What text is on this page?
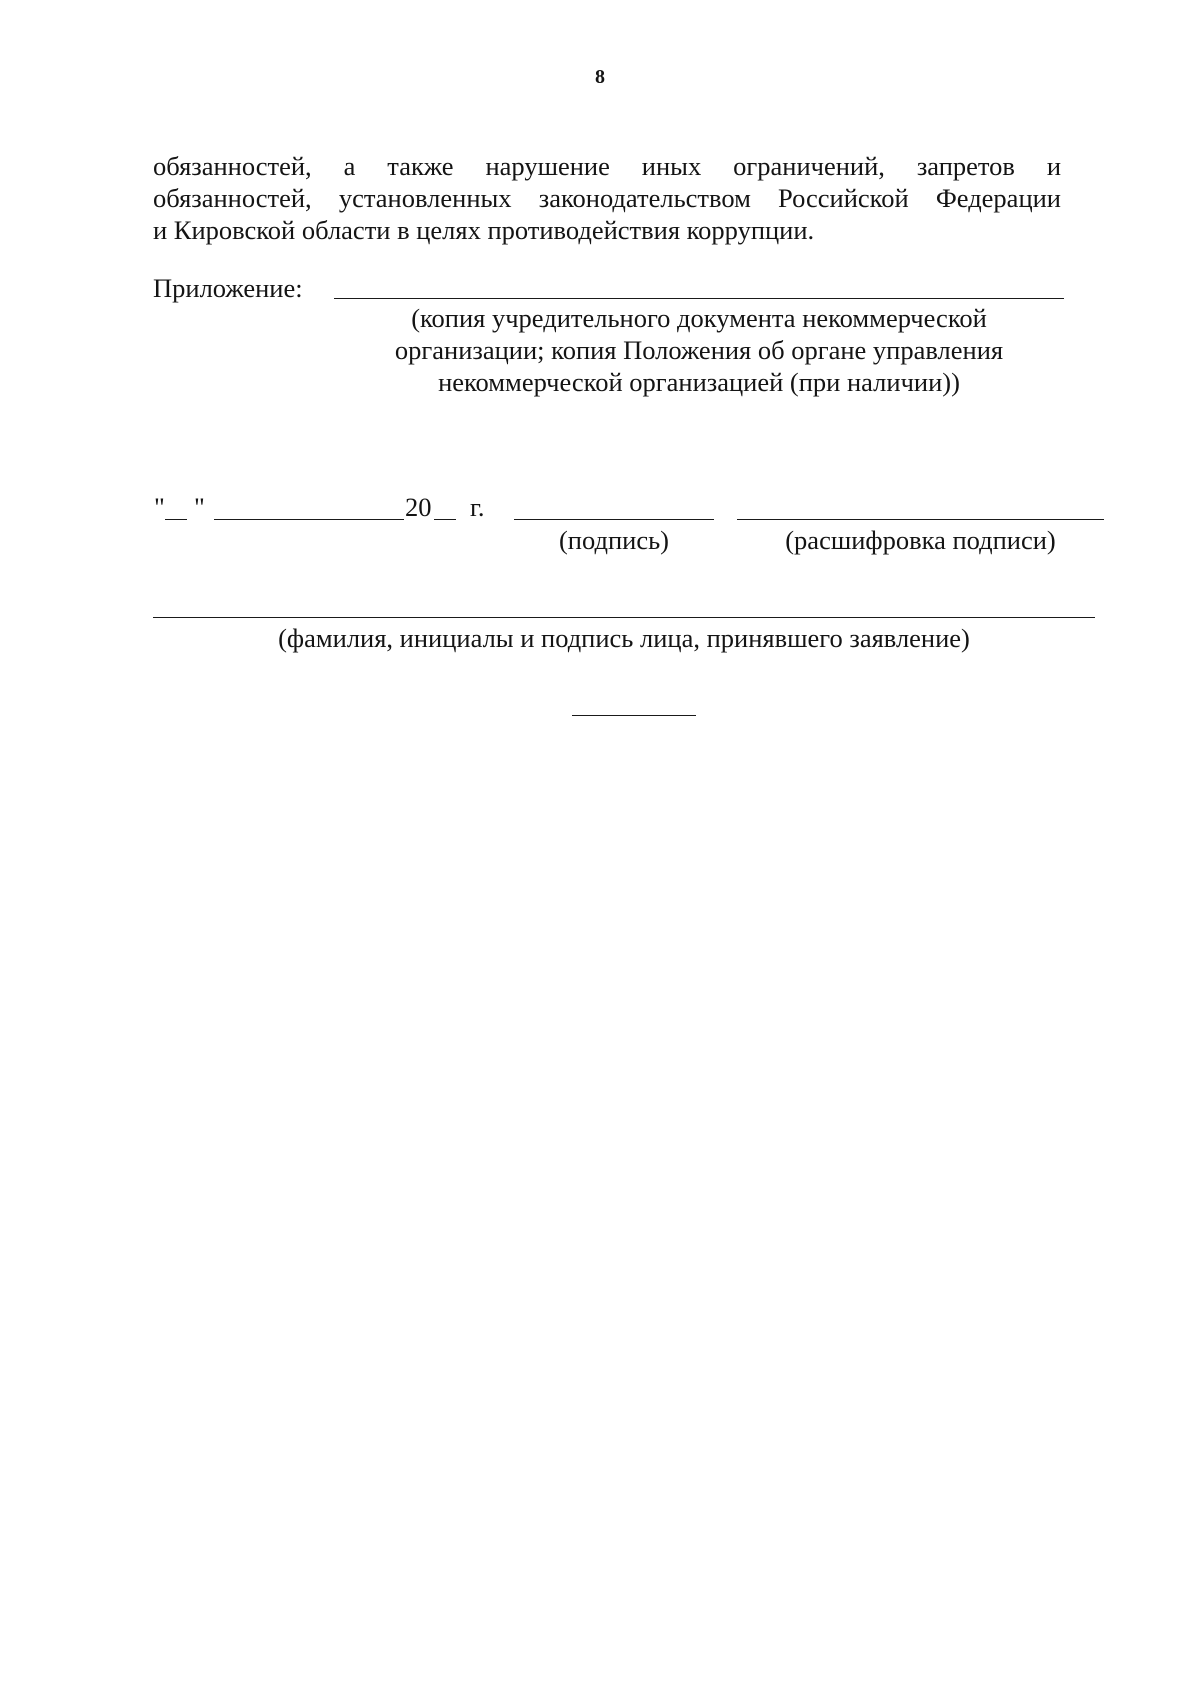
8
обязанностей, а также нарушение иных ограничений, запретов и
обязанностей, установленных законодательством Российской Федерации
и Кировской области в целях противодействия коррупции.
Приложение:
(копия учредительного документа некоммерческой
организации; копия Положения об органе управления
некоммерческой организацией (при наличии))
" "	20 г.
(подпись)	(расшифровка подписи)
(фамилия, инициалы и подпись лица, принявшего заявление)
